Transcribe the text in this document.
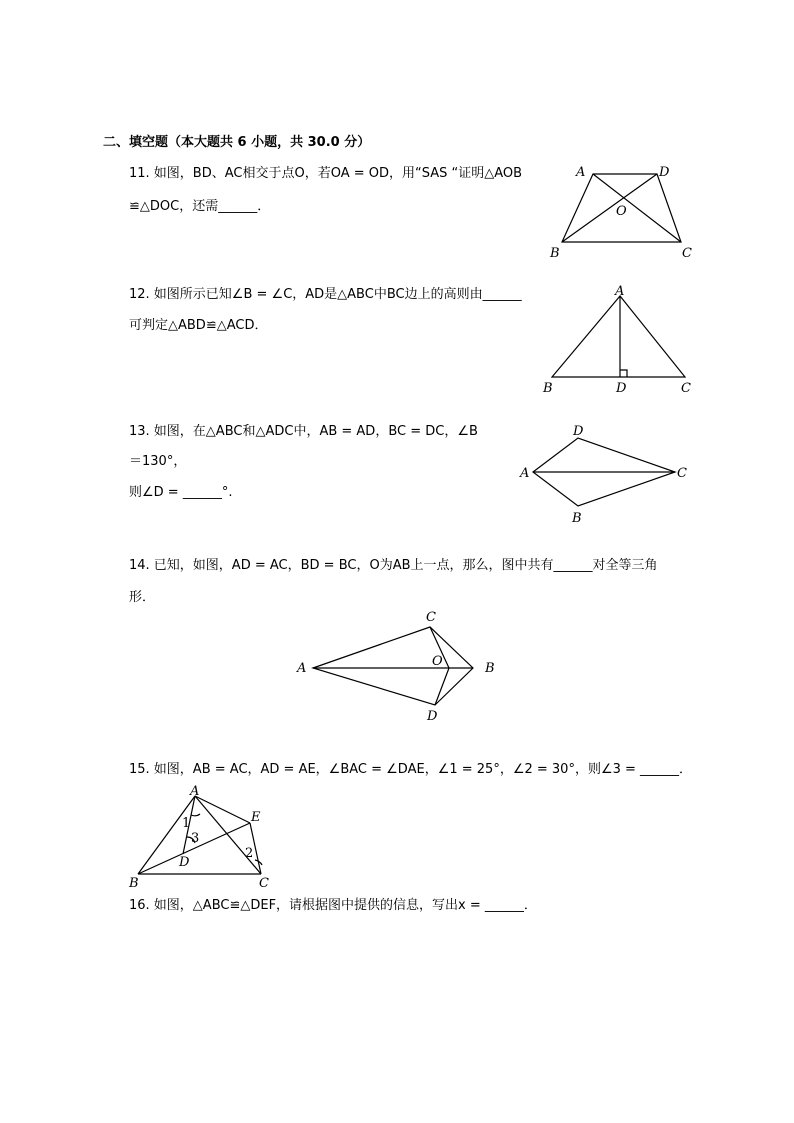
二、填空题（本大题共 6 小题，共 30.0 分）
11. 如图，BD、AC相交于点O，若OA = OD，用“SAS “证明△AOB
≌△DOC，还需______．
A	D
O
B	C
12. 如图所示已知∠B = ∠C，AD是△ABC中BC边上的高则由______
可判定△ABD≌△ACD．
A
B	D	C
13. 如图，在△ABC和△ADC中，AB = AD，BC = DC，∠B
＝130°，
则∠D = ______°.
D
A	C
B
14. 已知，如图，AD = AC，BD = BC，O为AB上一点，那么，图中共有______对全等三角
形．
C
A	O	B
D
15. 如图，AB = AC，AD = AE，∠BAC = ∠DAE，∠1 = 25°，∠2 = 30°，则∠3 = ______．
A
E
1
3
D
2
B	C
16. 如图，△ABC≌△DEF，请根据图中提供的信息，写出x = ______．
